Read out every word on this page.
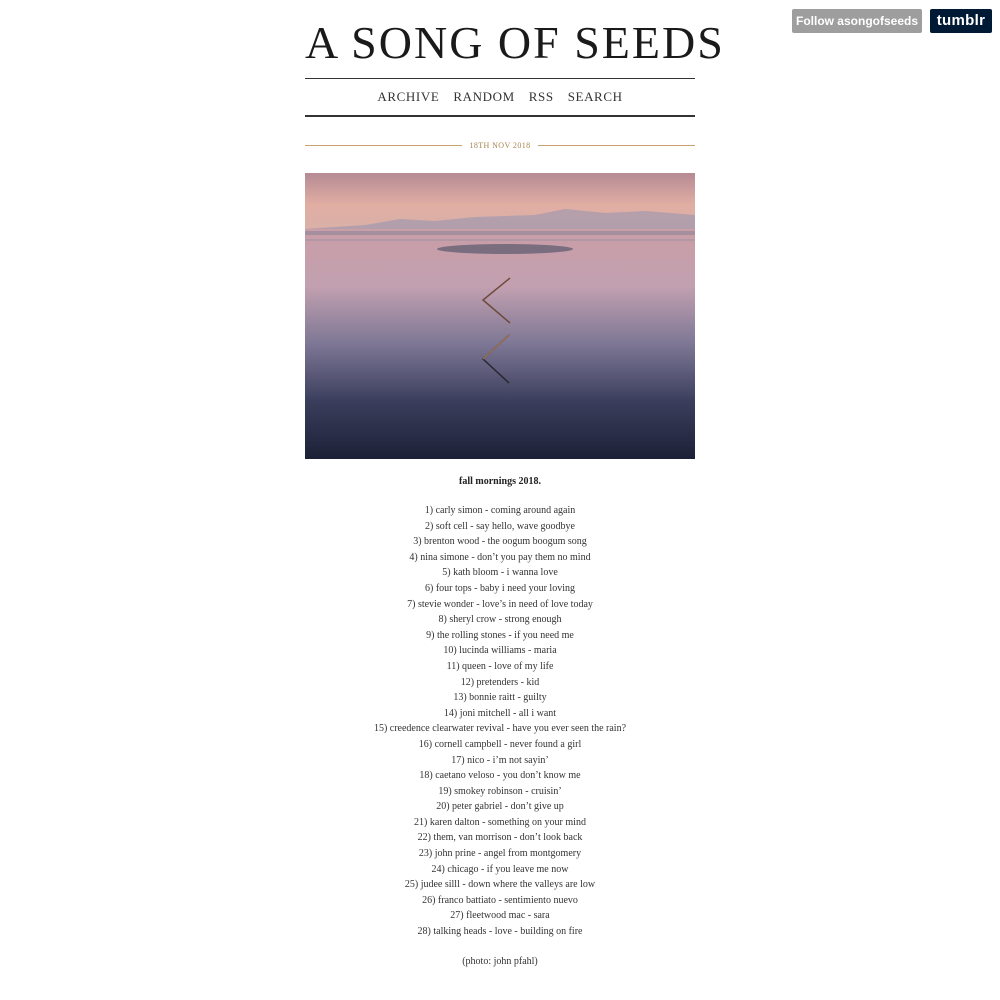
Follow asongofseeds	tumblr
A SONG OF SEEDS
ARCHIVE RANDOM RSS SEARCH
18TH NOV 2018
fall mornings 2018.
1) carly simon - coming around again
2) soft cell - say hello, wave goodbye
3) brenton wood - the oogum boogum song
4) nina simone - don’t you pay them no mind
5) kath bloom - i wanna love
6) four tops - baby i need your loving
7) stevie wonder - love’s in need of love today
8) sheryl crow - strong enough
9) the rolling stones - if you need me
10) lucinda williams - maria
11) queen - love of my life
12) pretenders - kid
13) bonnie raitt - guilty
14) joni mitchell - all i want
15) creedence clearwater revival - have you ever seen the rain?
16) cornell campbell - never found a girl
17) nico - i’m not sayin’
18) caetano veloso - you don’t know me
19) smokey robinson - cruisin’
20) peter gabriel - don’t give up
21) karen dalton - something on your mind
22) them, van morrison - don’t look back
23) john prine - angel from montgomery
24) chicago - if you leave me now
25) judee silll - down where the valleys are low
26) franco battiato - sentimiento nuevo
27) fleetwood mac - sara
28) talking heads - love - building on fire
(photo: john pfahl)
